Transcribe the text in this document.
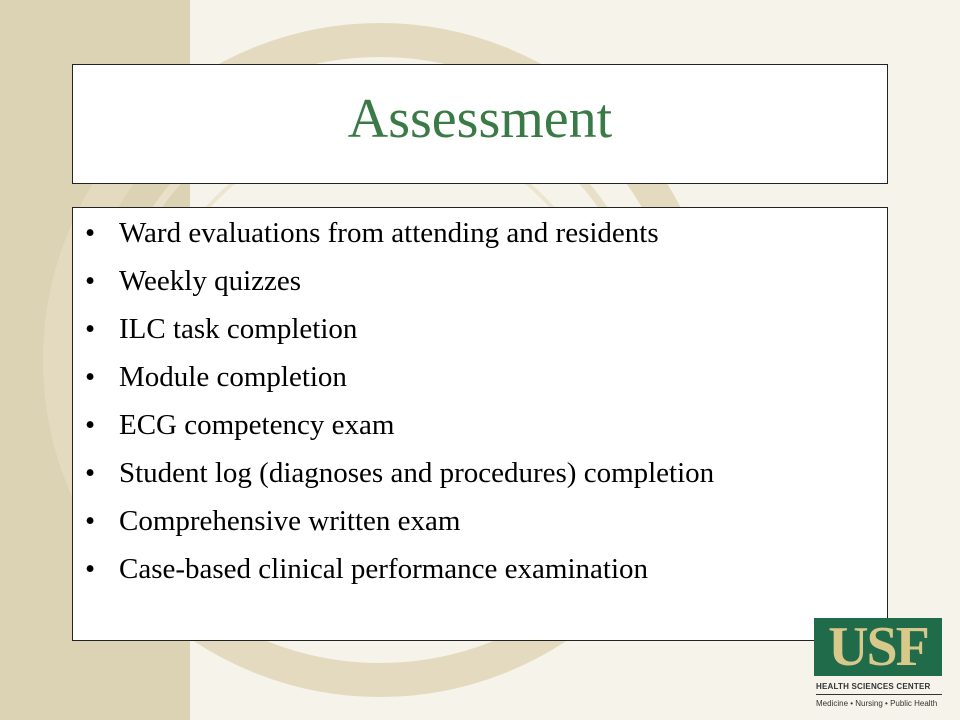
Assessment
• Ward evaluations from attending and residents
• Weekly quizzes
• ILC task completion
• Module completion
• ECG competency exam
• Student log (diagnoses and procedures) completion
• Comprehensive written exam
• Case-based clinical performance examination
USF
HEALTH SCIENCES CENTER
Medicine • Nursing • Public Health
